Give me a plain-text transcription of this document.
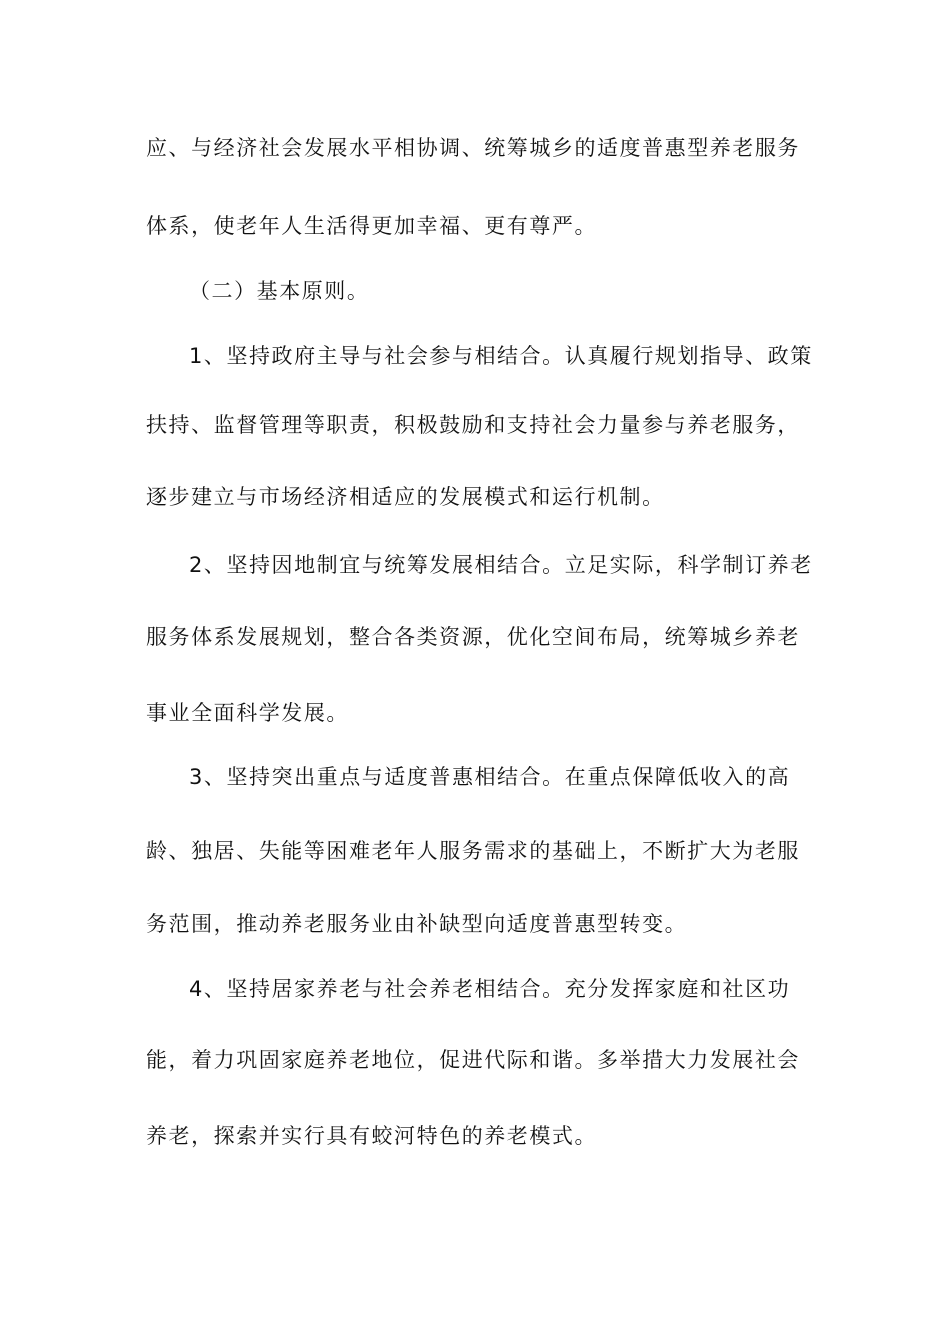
应、与经济社会发展水平相协调、统筹城乡的适度普惠型养老服务
体系，使老年人生活得更加幸福、更有尊严。
（二）基本原则。
1、坚持政府主导与社会参与相结合。认真履行规划指导、政策
扶持、监督管理等职责，积极鼓励和支持社会力量参与养老服务，
逐步建立与市场经济相适应的发展模式和运行机制。
2、坚持因地制宜与统筹发展相结合。立足实际，科学制订养老
服务体系发展规划，整合各类资源，优化空间布局，统筹城乡养老
事业全面科学发展。
3、坚持突出重点与适度普惠相结合。在重点保障低收入的高
龄、独居、失能等困难老年人服务需求的基础上，不断扩大为老服
务范围，推动养老服务业由补缺型向适度普惠型转变。
4、坚持居家养老与社会养老相结合。充分发挥家庭和社区功
能，着力巩固家庭养老地位，促进代际和谐。多举措大力发展社会
养老，探索并实行具有蛟河特色的养老模式。
